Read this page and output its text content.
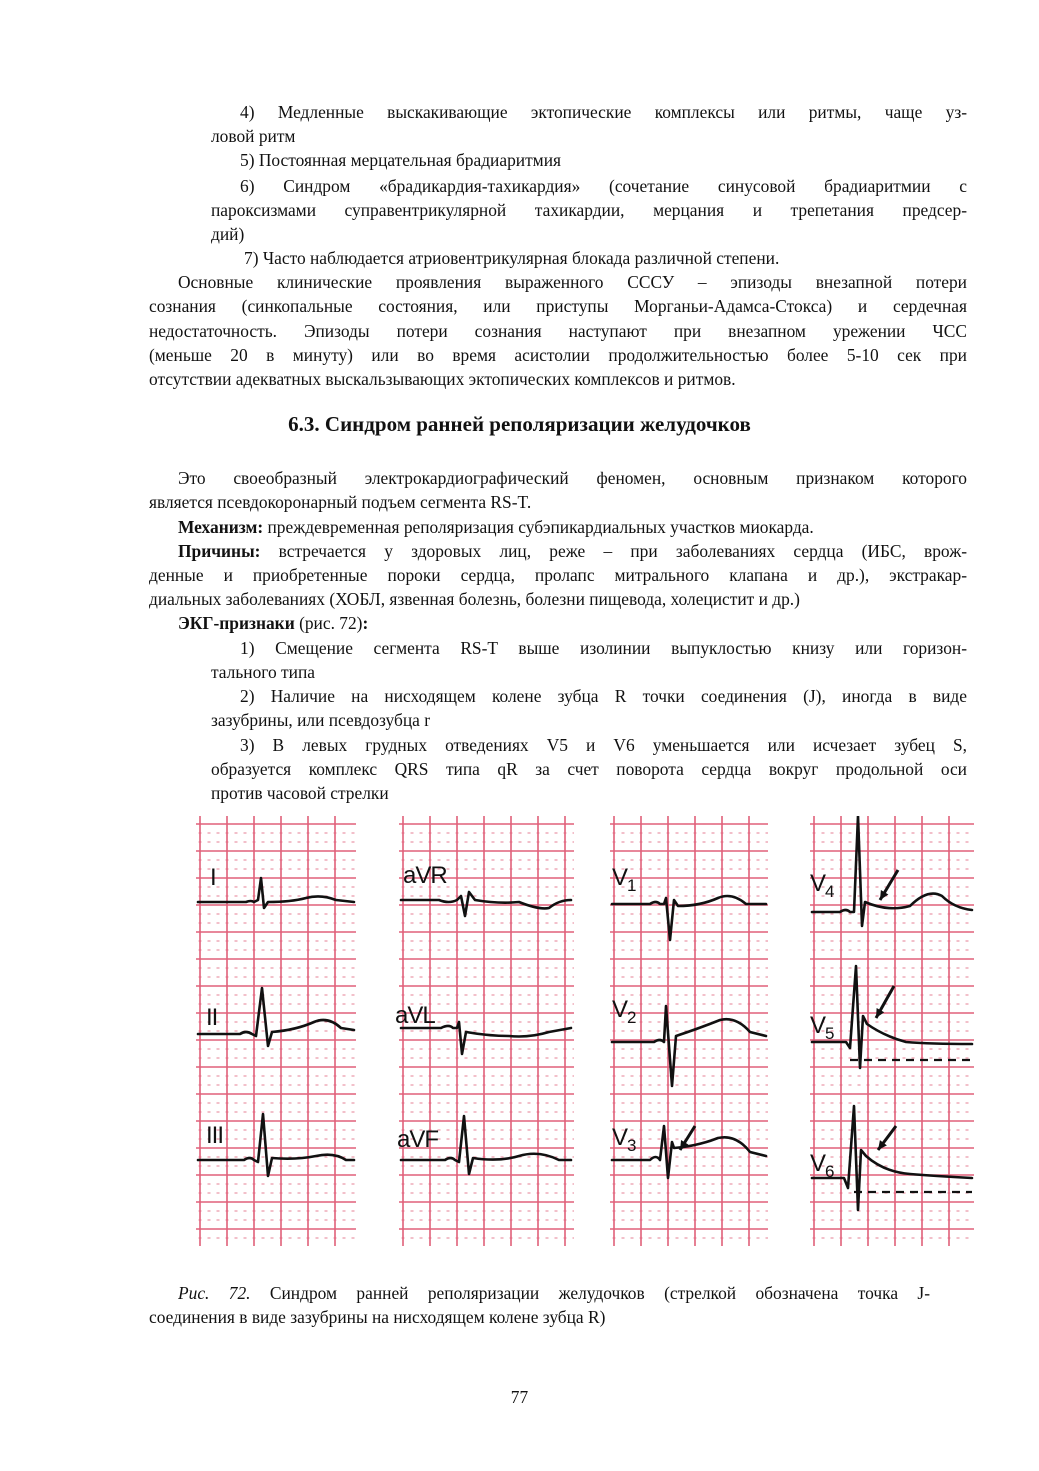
4) Медленные выскакивающие эктопические комплексы или ритмы, чаще уз-
ловой ритм
5) Постоянная мерцательная брадиаритмия
6) Синдром «брадикардия-тахикардия» (сочетание синусовой брадиаритмии с
пароксизмами суправентрикулярной тахикардии, мерцания и трепетания предсер-
дий)
7) Часто наблюдается атриовентрикулярная блокада различной степени.
Основные клинические проявления выраженного СССУ – эпизоды внезапной потери
сознания (синкопальные состояния, или приступы Морганьи-Адамса-Стокса) и сердечная
недостаточность. Эпизоды потери сознания наступают при внезапном урежении ЧСС
(меньше 20 в минуту) или во время асистолии продолжительностью более 5-10 сек при
отсутствии адекватных выскальзывающих эктопических комплексов и ритмов.
6.3. Синдром ранней реполяризации желудочков
Это своеобразный электрокардиографический феномен, основным признаком которого
является псевдокоронарный подъем сегмента RS-T.
Механизм: преждевременная реполяризация субэпикардиальных участков миокарда.
Причины: встречается у здоровых лиц, реже – при заболеваниях сердца (ИБС, врож-
денные и приобретенные пороки сердца, пролапс митрального клапана и др.), экстракар-
диальных заболеваниях (ХОБЛ, язвенная болезнь, болезни пищевода, холецистит и др.)
ЭКГ-признаки (рис. 72):
1) Смещение сегмента RS-T выше изолинии выпуклостью книзу или горизон-
тального типа
2) Наличие на нисходящем колене зубца R точки соединения (J), иногда в виде
зазубрины, или псевдозубца r
3) В левых грудных отведениях V5 и V6 уменьшается или исчезает зубец S,
образуется комплекс QRS типа qR за счет поворота сердца вокруг продольной оси
против часовой стрелки
I
II
III
aVR
aVL
aVF
$V_1$
$V_2$
$V_3$
$V_4$
$V_5$
$V_6$
Рис. 72. Синдром ранней реполяризации желудочков (стрелкой обозначена точка J-
соединения в виде зазубрины на нисходящем колене зубца R)
77
